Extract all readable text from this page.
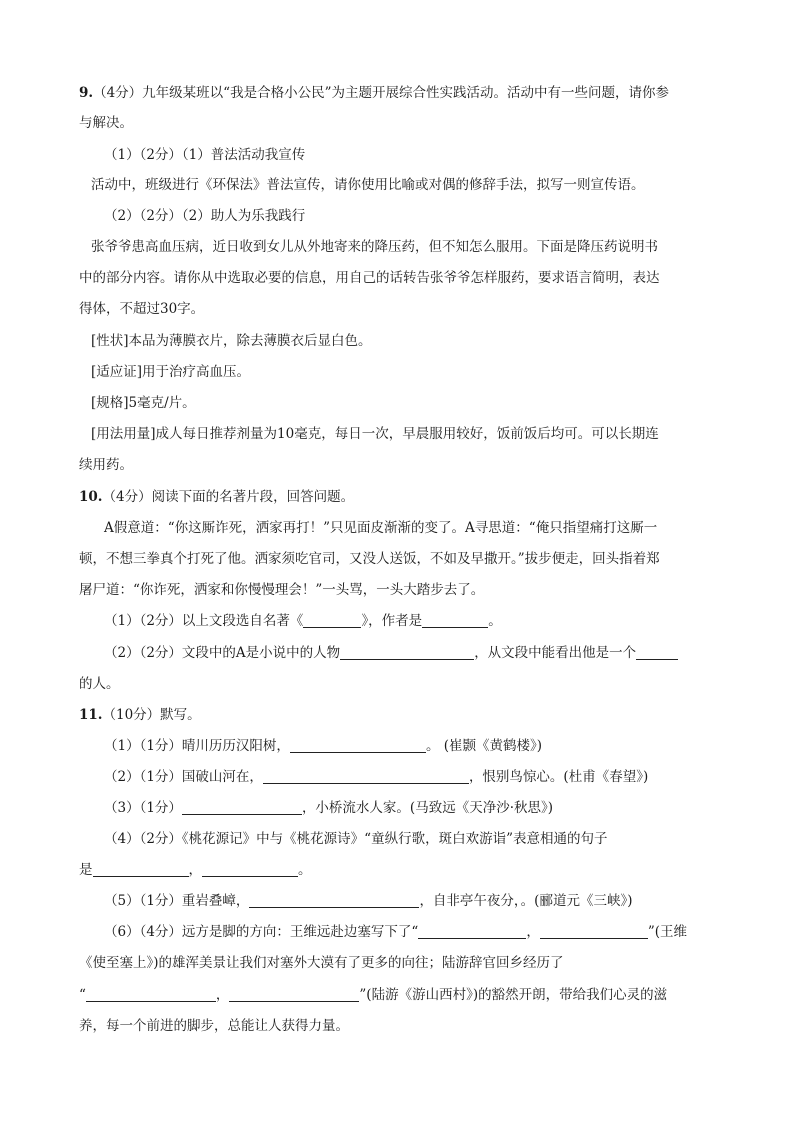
9.（4分）九年级某班以“我是合格小公民”为主题开展综合性实践活动。活动中有一些问题，请你参
与解决。
（1）（2分）（1）普法活动我宣传
活动中，班级进行《环保法》普法宣传，请你使用比喻或对偶的修辞手法，拟写一则宣传语。
（2）（2分）（2）助人为乐我践行
张爷爷患高血压病，近日收到女儿从外地寄来的降压药，但不知怎么服用。下面是降压药说明书
中的部分内容。请你从中选取必要的信息，用自己的话转告张爷爷怎样服药，要求语言简明，表达
得体，不超过30字。
[性状]本品为薄膜衣片，除去薄膜衣后显白色。
[适应证]用于治疗高血压。
[规格]5毫克/片。
[用法用量]成人每日推荐剂量为10毫克，每日一次，早晨服用较好，饭前饭后均可。可以长期连
续用药。
10.（4分）阅读下面的名著片段，回答问题。
A假意道：“你这厮诈死，洒家再打！”只见面皮渐渐的变了。A寻思道：“俺只指望痛打这厮一
顿，不想三拳真个打死了他。洒家须吃官司，又没人送饭，不如及早撒开。”拔步便走，回头指着郑
屠尸道：“你诈死，洒家和你慢慢理会！”一头骂，一头大踏步去了。
（1）（2分）以上文段选自名著《	》，作者是	。
（2）（2分）文段中的A是小说中的人物	，从文段中能看出他是一个
的人。
11.（10分）默写。
（1）（1分）晴川历历汉阳树，	。 (崔颢《黄鹤楼》)
（2）（1分）国破山河在，	，恨别鸟惊心。(杜甫《春望》)
（3）（1分）	，小桥流水人家。(马致远《天净沙·秋思》)
（4）（2分）《桃花源记》中与《桃花源诗》“童纵行歌，斑白欢游诣”表意相通的句子
是	，	。
（5）（1分）重岩叠嶂，	，自非亭午夜分，。(郦道元《三峡》)
（6）（4分）远方是脚的方向：王维远赴边塞写下了“	，	”(王维
《使至塞上》)的雄浑美景让我们对塞外大漠有了更多的向往；陆游辞官回乡经历了
“	，	”(陆游《游山西村》)的豁然开朗，带给我们心灵的滋
养，每一个前进的脚步，总能让人获得力量。
